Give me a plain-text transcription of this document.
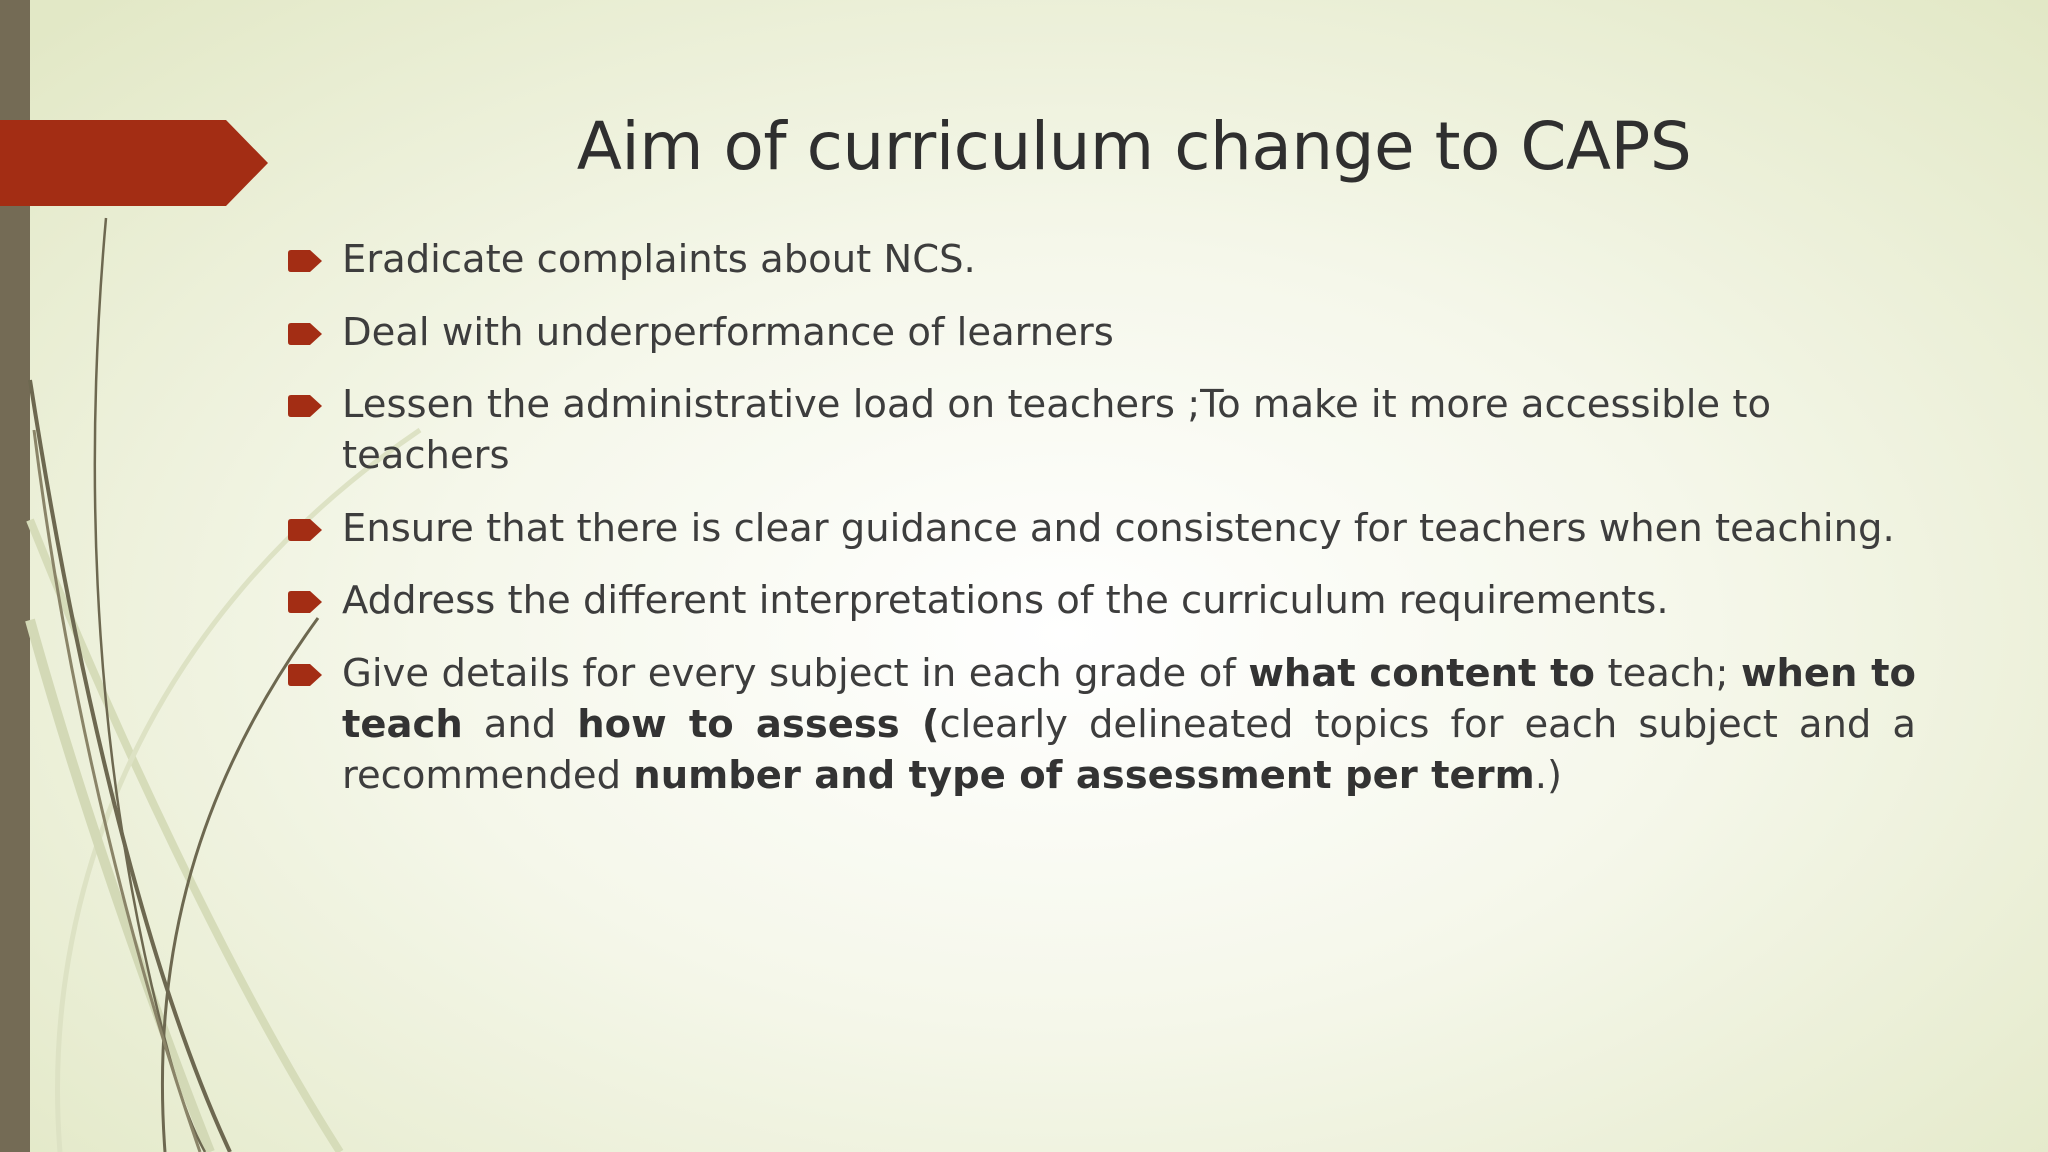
Aim of curriculum change to CAPS
Eradicate complaints about NCS.
Deal with underperformance of learners
Lessen the administrative load on teachers ;To make it more accessible to teachers
Ensure that there is clear guidance and consistency for teachers when teaching.
Address the different interpretations of the curriculum requirements.
Give details for every subject in each grade of what content to teach; when to teach and how to assess (clearly delineated topics for each subject and a recommended number and type of assessment per term.)
